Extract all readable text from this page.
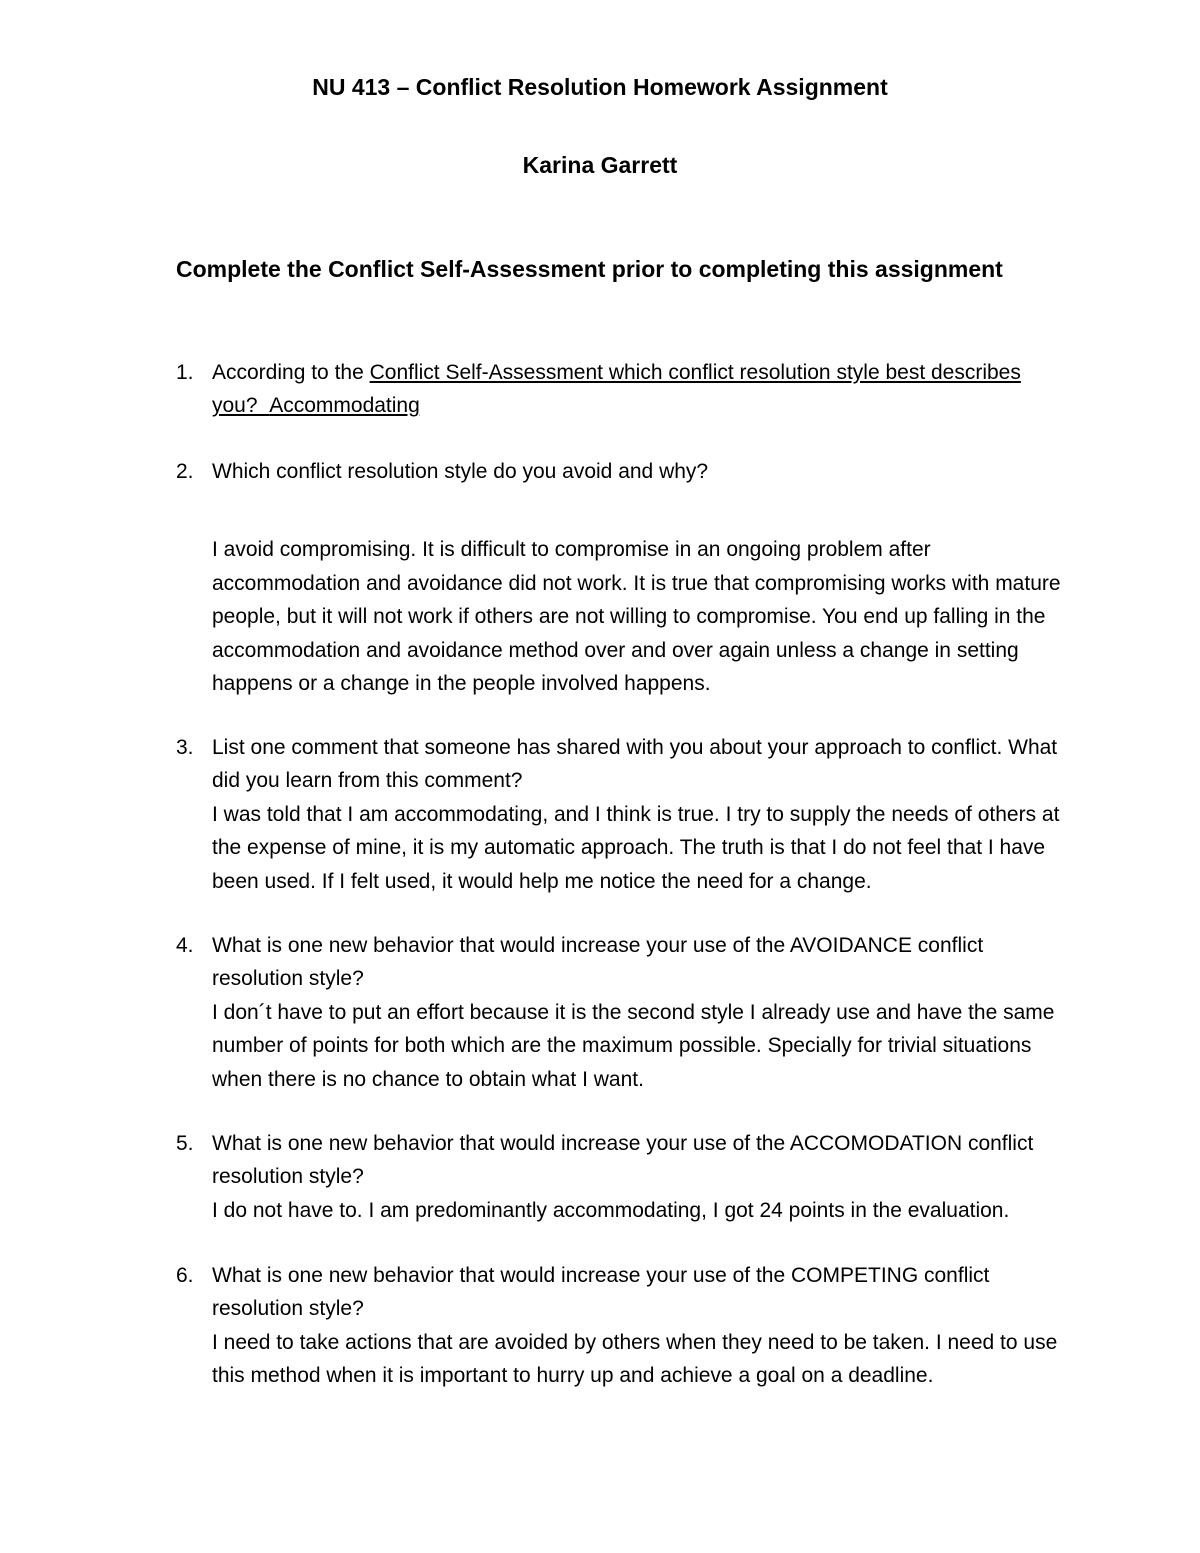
NU 413 – Conflict Resolution Homework Assignment
Karina Garrett

Complete the Conflict Self-Assessment prior to completing this assignment

1. According to the Conflict Self-Assessment which conflict resolution style best describes you? Accommodating

2. Which conflict resolution style do you avoid and why?

I avoid compromising. It is difficult to compromise in an ongoing problem after accommodation and avoidance did not work. It is true that compromising works with mature people, but it will not work if others are not willing to compromise. You end up falling in the accommodation and avoidance method over and over again unless a change in setting happens or a change in the people involved happens.

3. List one comment that someone has shared with you about your approach to conflict. What did you learn from this comment?

I was told that I am accommodating, and I think is true. I try to supply the needs of others at the expense of mine, it is my automatic approach. The truth is that I do not feel that I have been used. If I felt used, it would help me notice the need for a change.

4. What is one new behavior that would increase your use of the AVOIDANCE conflict resolution style?

I don´t have to put an effort because it is the second style I already use and have the same number of points for both which are the maximum possible. Specially for trivial situations when there is no chance to obtain what I want.

5. What is one new behavior that would increase your use of the ACCOMODATION conflict resolution style?

I do not have to. I am predominantly accommodating, I got 24 points in the evaluation.

6. What is one new behavior that would increase your use of the COMPETING conflict resolution style?

I need to take actions that are avoided by others when they need to be taken. I need to use this method when it is important to hurry up and achieve a goal on a deadline.
